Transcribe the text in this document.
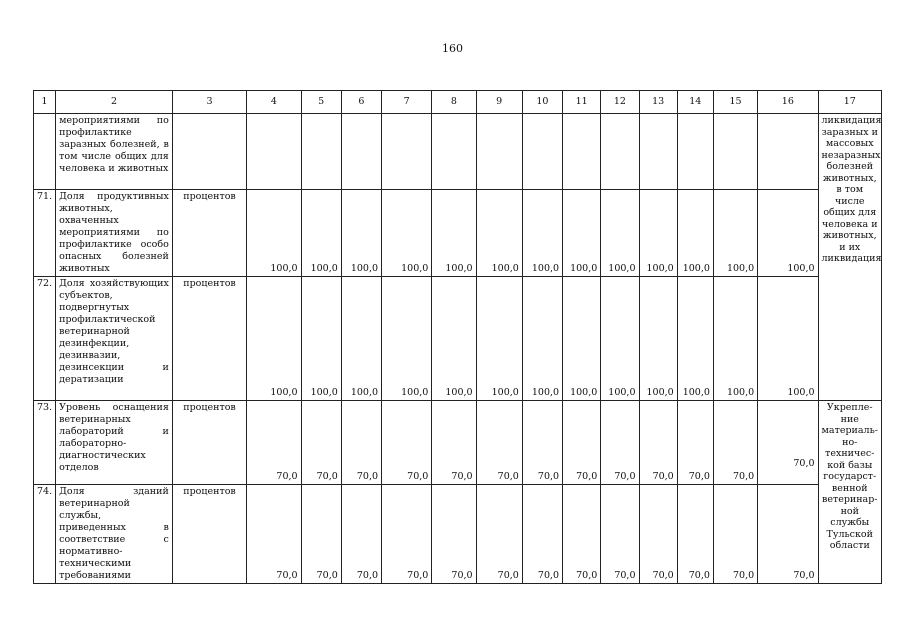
160
1	2	3	4	5	6	7	8	9	10	11	12	13	14	15	16	17
	мероприятиями по профилактике заразных болезней, в том числе общих для человека и животных															ликвидация заразных и массовых незаразных болезней животных, в том числе общих для человека и животных, и их ликвидация
71.	Доля продуктивных животных, охваченных мероприятиями по профилактике особо опасных болезней животных	процентов	100,0	100,0	100,0	100,0	100,0	100,0	100,0	100,0	100,0	100,0	100,0	100,0	100,0	
72.	Доля хозяйствующих субъектов, подвергнутых профилактической ветеринарной дезинфекции, дезинвазии, дезинсекции и дератизации	процентов	100,0	100,0	100,0	100,0	100,0	100,0	100,0	100,0	100,0	100,0	100,0	100,0	100,0	
73.	Уровень оснащения ветеринарных лабораторий и лабораторно-диагностических отделов	процентов	70,0	70,0	70,0	70,0	70,0	70,0	70,0	70,0	70,0	70,0	70,0	70,0	70,0	Укрепле-ние материаль-но-техничес-кой базы государст-венной ветеринар-ной службы Тульской области
74.	Доля зданий ветеринарной службы, приведенных в соответствие с нормативно-техническими требованиями	процентов	70,0	70,0	70,0	70,0	70,0	70,0	70,0	70,0	70,0	70,0	70,0	70,0	70,0	
